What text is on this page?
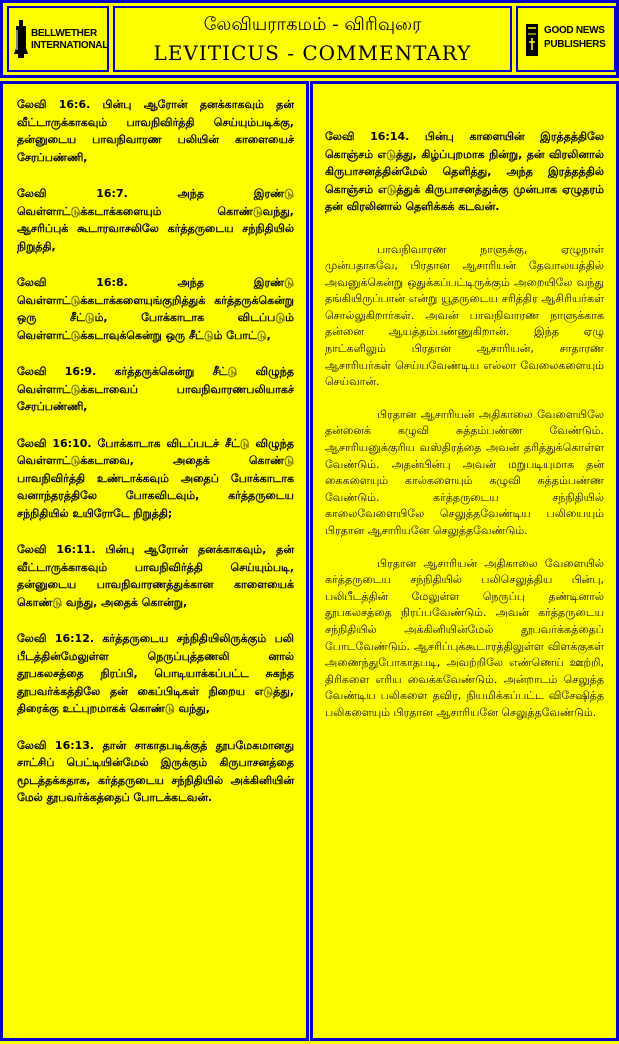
BELLWETHER
INTERNATIONAL
லேவியராகமம் - விரிவுரை
LEVITICUS - COMMENTARY
GOOD NEWS
PUBLISHERS

லேவி 16:6. பின்பு ஆரோன் தனக்காகவும் தன் வீட்டாருக்காகவும் பாவநிவிர்த்தி செய்யும்படிக்கு, தன்னுடைய பாவநிவாரண பலியின் காளையைச் சேரப்பண்ணி,

லேவி 16:7. அந்த இரண்டு வெள்ளாட்டுக்கடாக்களையும் கொண்டுவந்து, ஆசரிப்புக் கூடாரவாசலிலே கர்த்தருடைய சந்நிதியில் நிறுத்தி,

லேவி 16:8. அந்த இரண்டு வெள்ளாட்டுக்கடாக்களையுங்குறித்துக் கர்த்தருக்கென்று ஒரு சீட்டும், போக்காடாக விடப்படும் வெள்ளாட்டுக்கடாவுக்கென்று ஒரு சீட்டும் போட்டு,

லேவி 16:9. கர்த்தருக்கென்று சீட்டு விழுந்த வெள்ளாட்டுக்கடாவைப் பாவநிவாரணபலியாகச் சேரப்பண்ணி,

லேவி 16:10. போக்காடாக விடப்படச் சீட்டு விழுந்த வெள்ளாட்டுக்கடாவை, அதைக் கொண்டு பாவநிவிர்த்தி உண்டாக்கவும் அதைப் போக்காடாக வனாந்தரத்திலே போகவிடவும், கர்த்தருடைய சந்நிதியில் உயிரோடே நிறுத்தி;

லேவி 16:11. பின்பு ஆரோன் தனக்காகவும், தன் வீட்டாருக்காகவும் பாவநிவிர்த்தி செய்யும்படி, தன்னுடைய பாவநிவாரணத்துக்கான காளையைக் கொண்டு வந்து, அதைக் கொன்று,

லேவி 16:12. கர்த்தருடைய சந்நிதியிலிருக்கும் பலி பீடத்தின்மேலுள்ள நெருப்புத்தணலி னால் தூபகலசத்தை நிரப்பி, பொடியாக்கப்பட்ட சுகந்த தூபவர்க்கத்திலே தன் கைப்பிடிகள் நிறைய எடுத்து, திரைக்கு உட்புறமாகக் கொண்டு வந்து,

லேவி 16:13. தான் சாகாதபடிக்குத் தூபமேகமானது சாட்சிப் பெட்டியின்மேல் இருக்கும் கிருபாசனத்தை மூடத்தக்கதாக, கர்த்தருடைய சந்நிதியில் அக்கினியின் மேல் தூபவர்க்கத்தைப் போடக்கடவன்.

லேவி 16:14. பின்பு காளையின் இரத்தத்திலே கொஞ்சம் எடுத்து, கிழ்ப்புறமாக நின்று, தன் விரலினால் கிருபாசனத்தின்மேல் தெளித்து, அந்த இரத்தத்தில் கொஞ்சம் எடுத்துக் கிருபாசனத்துக்கு முன்பாக ஏழுதரம் தன் விரலினால் தெளிக்கக் கடவன்.

பாவநிவாரண நாளுக்கு, ஏழுநாள் முன்பதாகவே, பிரதான ஆசாரியன் தேவாலயத்தில் அவனுக்கென்று ஒதுக்கப்பட்டிருக்கும் அறையிலே வந்து தங்கியிருப்பான் என்று யூதருடைய சரித்திர ஆசிரியர்கள் சொல்லுகிறார்கள். அவன் பாவநிவாரண நாளுக்காக தன்னை ஆயத்தம்பண்ணுகிறான். இந்த ஏழு நாட்களிலும் பிரதான ஆசாரியன், சாதாரண ஆசாரியர்கள் செய்யவேண்டிய எல்லா வேலைகளையும் செய்வான்.

பிரதான ஆசாரியன் அதிகாலை வேளையிலே தன்னைக் கழுவி சுத்தம்பண்ண வேண்டும். ஆசாரியனுக்குரிய வஸ்திரத்தை அவன் தரித்துக்கொள்ள வேண்டும். அதன்பின்பு அவன் மறுபடியுமாக தன் கைகளையும் கால்களையும் கழுவி சுத்தம்பண்ண வேண்டும். கர்த்தருடைய சந்நிதியில் காலைவேளையிலே செலுத்தவேண்டிய பலியையும் பிரதான ஆசாரியனே செலுத்தவேண்டும்.

பிரதான ஆசாரியன் அதிகாலை வேளையில் கர்த்தருடைய சந்நிதியில் பலிசெலுத்திய பின்பு, பலிபீடத்தின் மேலுள்ள நெருப்பு தண்டினால் தூபகலசத்தை நிரப்பவேண்டும். அவன் கர்த்தருடைய சந்நிதியில் அக்கினியின்மேல் தூபவர்க்கத்தைப் போடவேண்டும். ஆசரிப்புக்கூடாரத்திலுள்ள விளக்குகள் அணைந்துபோகாதபடி, அவற்றிலே எண்ணெய் ஊற்றி, திரிகளை எரிய வைக்கவேண்டும். அன்றாடம் செலுத்த வேண்டிய பலிகளை தவிர, நியமிக்கப்பட்ட விசேஷித்த பலிகளையும் பிரதான ஆசாரியனே செலுத்தவேண்டும்.
